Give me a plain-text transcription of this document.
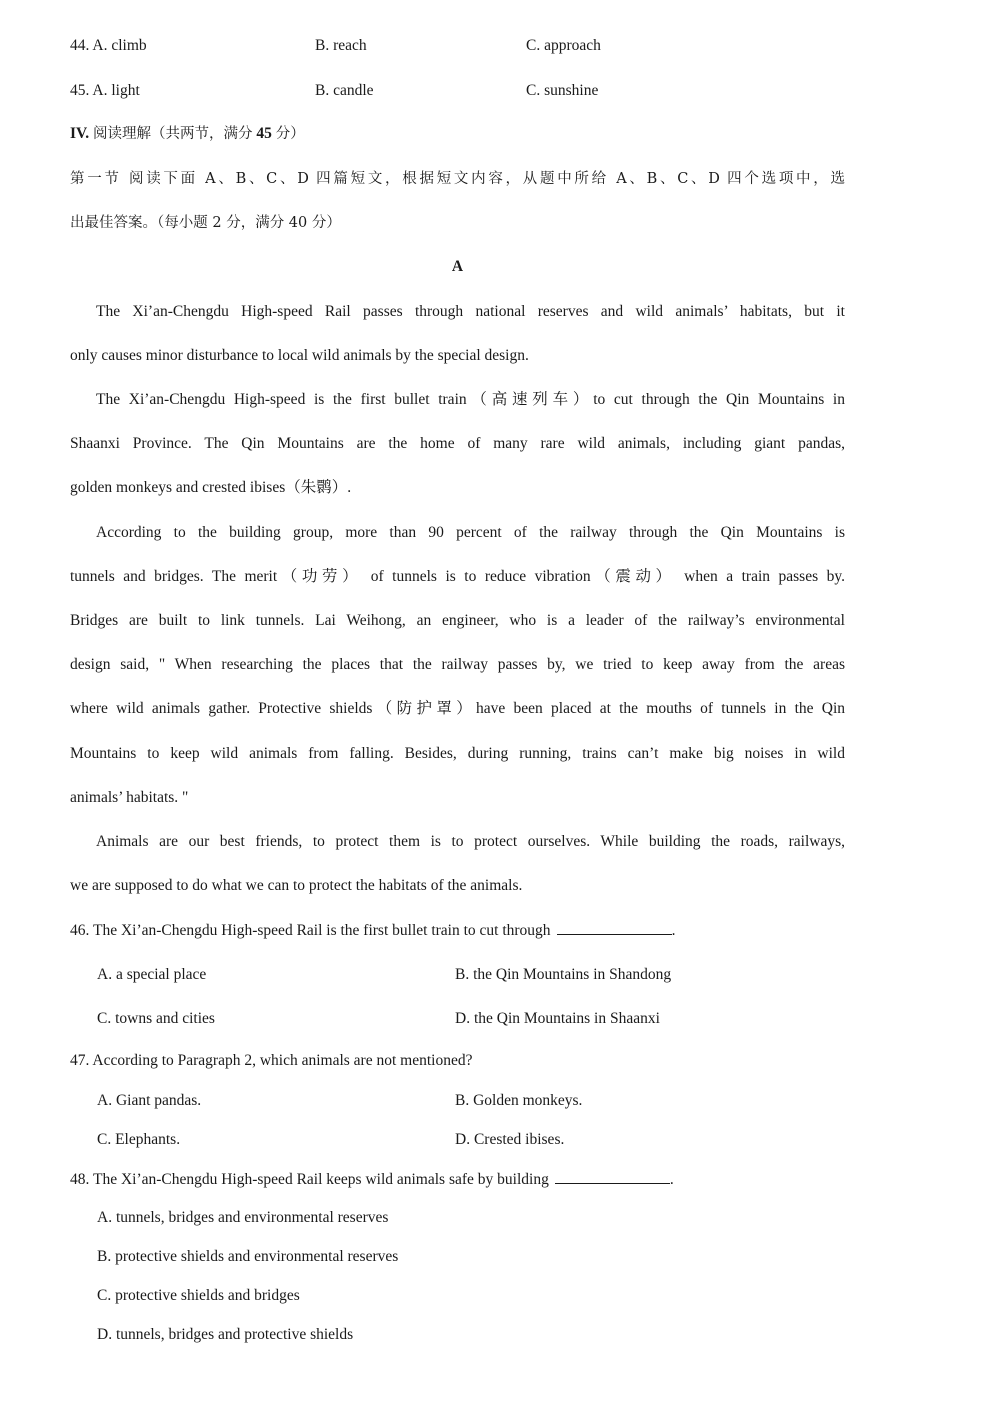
44. A. climb	B. reach	C. approach
45. A. light	B. candle	C. sunshine
IV. 阅读理解（共两节，满分 45 分）
第一节 阅读下面 A、B、C、D 四篇短文，根据短文内容，从题中所给 A、B、C、D 四个选项中，选
出最佳答案。（每小题 2 分，满分 40 分）
A
The Xi’an-Chengdu High-speed Rail passes through national reserves and wild animals’ habitats, but it
only causes minor disturbance to local wild animals by the special design.
The Xi’an-Chengdu High-speed is the first bullet train（高速列车）to cut through the Qin Mountains in
Shaanxi Province. The Qin Mountains are the home of many rare wild animals, including giant pandas,
golden monkeys and crested ibises（朱鹮）.
According to the building group, more than 90 percent of the railway through the Qin Mountains is
tunnels and bridges. The merit（功劳） of tunnels is to reduce vibration（震动） when a train passes by.
Bridges are built to link tunnels. Lai Weihong, an engineer, who is a leader of the railway’s environmental
design said, " When researching the places that the railway passes by, we tried to keep away from the areas
where wild animals gather. Protective shields（防护罩）have been placed at the mouths of tunnels in the Qin
Mountains to keep wild animals from falling. Besides, during running, trains can’t make big noises in wild
animals’ habitats. "
Animals are our best friends, to protect them is to protect ourselves. While building the roads, railways,
we are supposed to do what we can to protect the habitats of the animals.
46. The Xi’an-Chengdu High-speed Rail is the first bullet train to cut through	.
A. a special place	B. the Qin Mountains in Shandong
C. towns and cities	D. the Qin Mountains in Shaanxi
47. According to Paragraph 2, which animals are not mentioned?
A. Giant pandas.	B. Golden monkeys.
C. Elephants.	D. Crested ibises.
48. The Xi’an-Chengdu High-speed Rail keeps wild animals safe by building	.
A. tunnels, bridges and environmental reserves
B. protective shields and environmental reserves
C. protective shields and bridges
D. tunnels, bridges and protective shields
